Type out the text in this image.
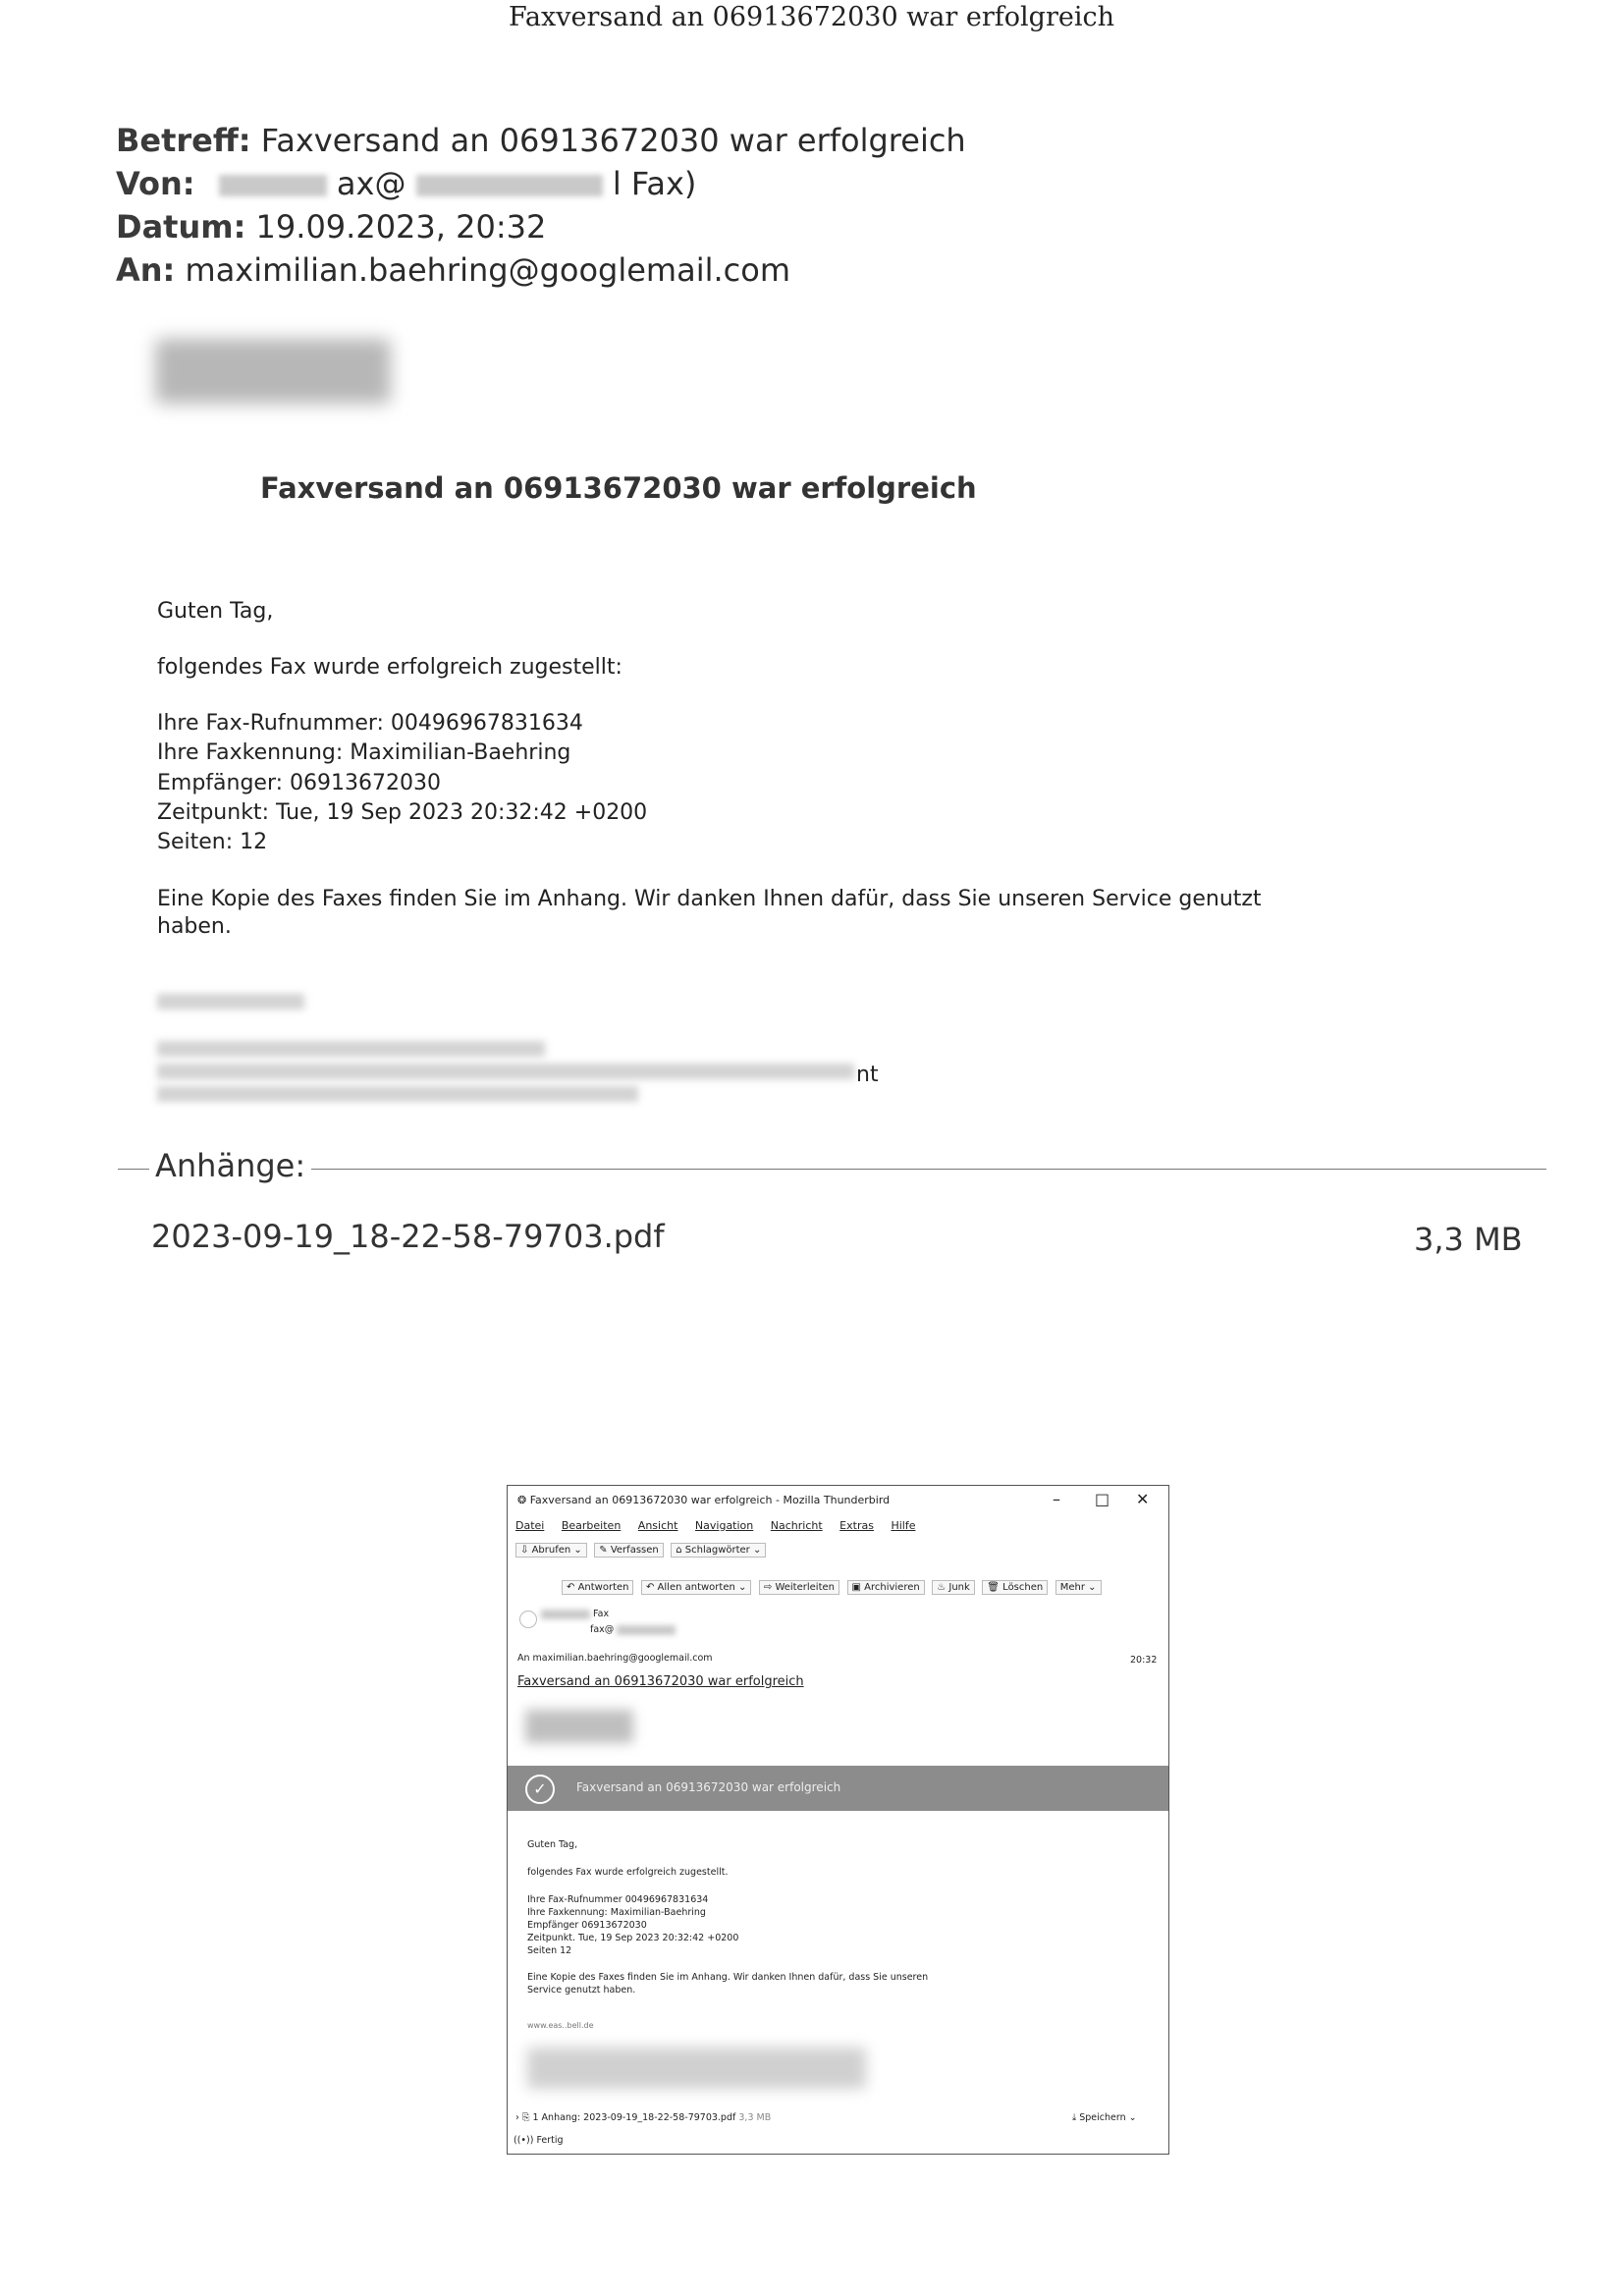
Faxversand an 06913672030 war erfolgreich
Betreff: Faxversand an 06913672030 war erfolgreich
Von:	ax@	l Fax)
Datum: 19.09.2023, 20:32
An: maximilian.baehring@googlemail.com
Faxversand an 06913672030 war erfolgreich
Guten Tag,
folgendes Fax wurde erfolgreich zugestellt:
Ihre Fax-Rufnummer: 00496967831634
Ihre Faxkennung: Maximilian-Baehring
Empfänger: 06913672030
Zeitpunkt: Tue, 19 Sep 2023 20:32:42 +0200
Seiten: 12
Eine Kopie des Faxes finden Sie im Anhang. Wir danken Ihnen dafür, dass Sie unseren Service genutzt
haben.
nt
Anhänge:
2023-09-19_18-22-58-79703.pdf	3,3 MB
❂ Faxversand an 06913672030 war erfolgreich - Mozilla Thunderbird	– □ ✕
Datei Bearbeiten Ansicht Navigation Nachricht Extras Hilfe
⇩ Abrufen ⌄ ✎ Verfassen ⌂ Schlagwörter ⌄
↶ Antworten ↶ Allen antworten ⌄ ⇨ Weiterleiten ▣ Archivieren ♨ Junk 🗑 Löschen Mehr ⌄
Fax
fax@
An maximilian.baehring@googlemail.com	20:32
Faxversand an 06913672030 war erfolgreich
✓	Faxversand an 06913672030 war erfolgreich
Guten Tag,
folgendes Fax wurde erfolgreich zugestellt.
Ihre Fax-Rufnummer 00496967831634
Ihre Faxkennung: Maximilian-Baehring
Empfänger 06913672030
Zeitpunkt. Tue, 19 Sep 2023 20:32:42 +0200
Seiten 12
Eine Kopie des Faxes finden Sie im Anhang. Wir danken Ihnen dafür, dass Sie unseren
Service genutzt haben.
www.eas..bell.de
› ⎘ 1 Anhang: 2023-09-19_18-22-58-79703.pdf 3,3 MB	⤓ Speichern ⌄
((•)) Fertig
